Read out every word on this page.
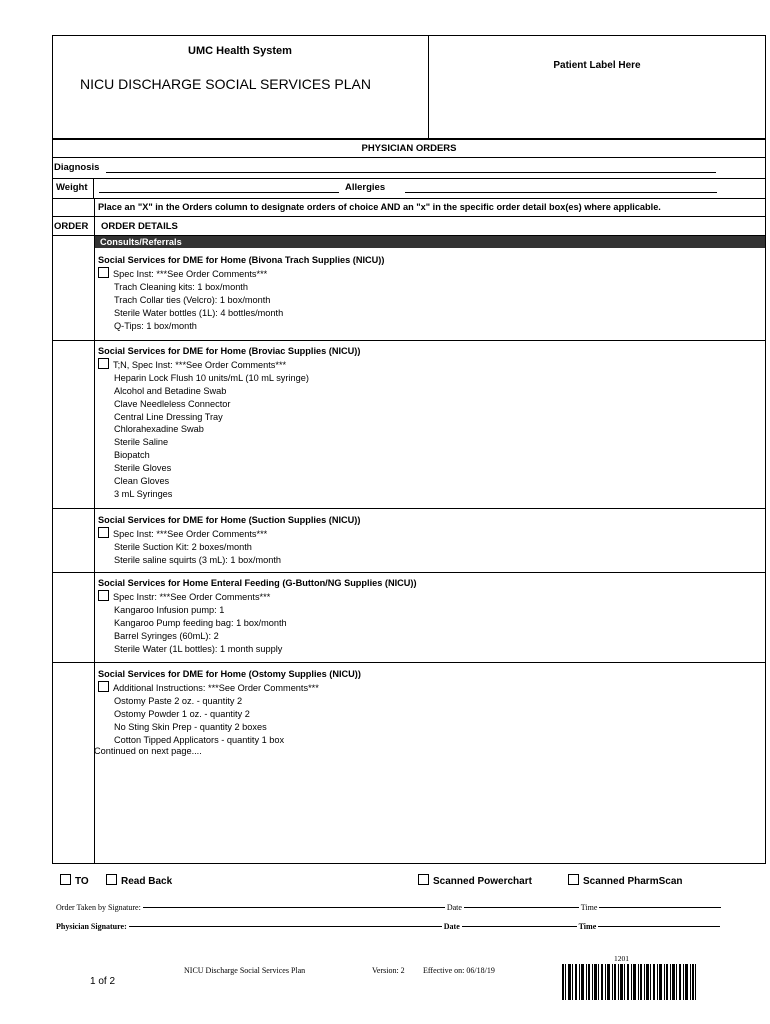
UMC Health System
NICU DISCHARGE SOCIAL SERVICES PLAN
Patient Label Here
PHYSICIAN ORDERS
Diagnosis
Weight	Allergies
Place an "X" in the Orders column to designate orders of choice AND an "x" in the specific order detail box(es) where applicable.
ORDER ORDER DETAILS
Consults/Referrals
Social Services for DME for Home (Bivona Trach Supplies (NICU))
Spec Inst: ***See Order Comments***
Trach Cleaning kits: 1 box/month
Trach Collar ties (Velcro): 1 box/month
Sterile Water bottles (1L): 4 bottles/month
Q-Tips: 1 box/month
Social Services for DME for Home (Broviac Supplies (NICU))
T;N, Spec Inst: ***See Order Comments***
Heparin Lock Flush 10 units/mL (10 mL syringe)
Alcohol and Betadine Swab
Clave Needleless Connector
Central Line Dressing Tray
Chlorahexadine Swab
Sterile Saline
Biopatch
Sterile Gloves
Clean Gloves
3 mL Syringes
Social Services for DME for Home (Suction Supplies (NICU))
Spec Inst: ***See Order Comments***
Sterile Suction Kit: 2 boxes/month
Sterile saline squirts (3 mL): 1 box/month
Social Services for Home Enteral Feeding (G-Button/NG Supplies (NICU))
Spec Instr: ***See Order Comments***
Kangaroo Infusion pump: 1
Kangaroo Pump feeding bag: 1 box/month
Barrel Syringes (60mL): 2
Sterile Water (1L bottles): 1 month supply
Social Services for DME for Home (Ostomy Supplies (NICU))
Additional Instructions: ***See Order Comments***
Ostomy Paste 2 oz. - quantity 2
Ostomy Powder 1 oz. - quantity 2
No Sting Skin Prep - quantity 2 boxes
Cotton Tipped Applicators - quantity 1 box
Continued on next page....
TO	Read Back	Scanned Powerchart	Scanned PharmScan
Order Taken by Signature:	Date	Time
Physician Signature:	Date	Time
NICU Discharge Social Services Plan	Version: 2 Effective on: 06/18/19
1 of 2
1201
